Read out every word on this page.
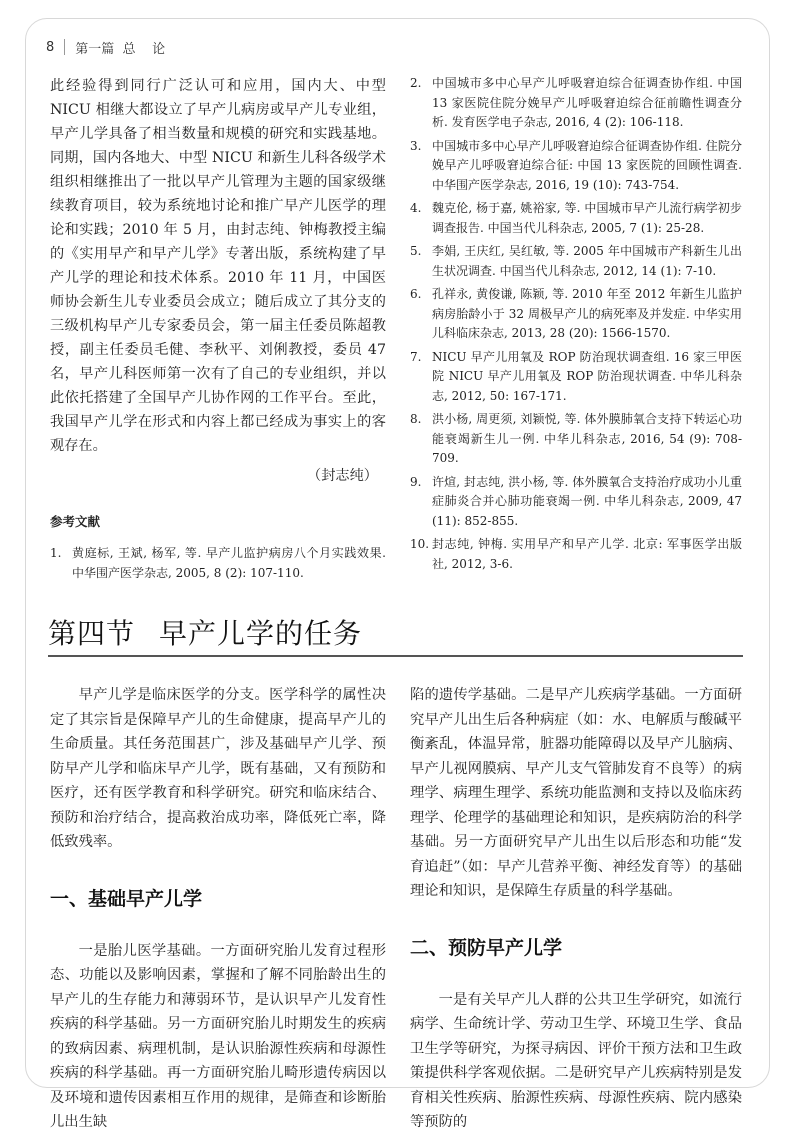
8 第一篇  总    论

此经验得到同行广泛认可和应用，国内大、中型 NICU 相继大都设立了早产儿病房或早产儿专业组，早产儿学具备了相当数量和规模的研究和实践基地。同期，国内各地大、中型 NICU 和新生儿科各级学术组织相继推出了一批以早产儿管理为主题的国家级继续教育项目，较为系统地讨论和推广早产儿医学的理论和实践；2010 年 5 月，由封志纯、钟梅教授主编的《实用早产和早产儿学》专著出版，系统构建了早产儿学的理论和技术体系。2010 年 11 月，中国医师协会新生儿专业委员会成立；随后成立了其分支的三级机构早产儿专家委员会，第一届主任委员陈超教授，副主任委员毛健、李秋平、刘俐教授，委员 47 名，早产儿科医师第一次有了自己的专业组织，并以此依托搭建了全国早产儿协作网的工作平台。至此，我国早产儿学在形式和内容上都已经成为事实上的客观存在。

（封志纯）

参考文献
1. 黄庭标, 王斌, 杨军, 等. 早产儿监护病房八个月实践效果. 中华围产医学杂志, 2005, 8 (2): 107-110.
2. 中国城市多中心早产儿呼吸窘迫综合征调查协作组. 中国 13 家医院住院分娩早产儿呼吸窘迫综合征前瞻性调查分析. 发育医学电子杂志, 2016, 4 (2): 106-118.
3. 中国城市多中心早产儿呼吸窘迫综合征调查协作组. 住院分娩早产儿呼吸窘迫综合征: 中国 13 家医院的回顾性调查. 中华围产医学杂志, 2016, 19 (10): 743-754.
4. 魏克伦, 杨于嘉, 姚裕家, 等. 中国城市早产儿流行病学初步调查报告. 中国当代儿科杂志, 2005, 7 (1): 25-28.
5. 李娟, 王庆红, 吴红敏, 等. 2005 年中国城市产科新生儿出生状况调查. 中国当代儿科杂志, 2012, 14 (1): 7-10.
6. 孔祥永, 黄俊谦, 陈颖, 等. 2010 年至 2012 年新生儿监护病房胎龄小于 32 周极早产儿的病死率及并发症. 中华实用儿科临床杂志, 2013, 28 (20): 1566-1570.
7. NICU 早产儿用氧及 ROP 防治现状调查组. 16 家三甲医院 NICU 早产儿用氧及 ROP 防治现状调查. 中华儿科杂志, 2012, 50: 167-171.
8. 洪小杨, 周更须, 刘颖悦, 等. 体外膜肺氧合支持下转运心功能衰竭新生儿一例. 中华儿科杂志, 2016, 54 (9): 708-709.
9. 许煊, 封志纯, 洪小杨, 等. 体外膜氧合支持治疗成功小儿重症肺炎合并心肺功能衰竭一例. 中华儿科杂志, 2009, 47 (11): 852-855.
10. 封志纯, 钟梅. 实用早产和早产儿学. 北京: 军事医学出版社, 2012, 3-6.
第四节 早产儿学的任务

早产儿学是临床医学的分支。医学科学的属性决定了其宗旨是保障早产儿的生命健康，提高早产儿的生命质量。其任务范围甚广，涉及基础早产儿学、预防早产儿学和临床早产儿学，既有基础，又有预防和医疗，还有医学教育和科学研究。研究和临床结合、预防和治疗结合，提高救治成功率，降低死亡率，降低致残率。

一、基础早产儿学

一是胎儿医学基础。一方面研究胎儿发育过程形态、功能以及影响因素，掌握和了解不同胎龄出生的早产儿的生存能力和薄弱环节，是认识早产儿发育性疾病的科学基础。另一方面研究胎儿时期发生的疾病的致病因素、病理机制，是认识胎源性疾病和母源性疾病的科学基础。再一方面研究胎儿畸形遗传病因以及环境和遗传因素相互作用的规律，是筛查和诊断胎儿出生缺

陷的遗传学基础。二是早产儿疾病学基础。一方面研究早产儿出生后各种病症（如：水、电解质与酸碱平衡紊乱，体温异常，脏器功能障碍以及早产儿脑病、早产儿视网膜病、早产儿支气管肺发育不良等）的病理学、病理生理学、系统功能监测和支持以及临床药理学、伦理学的基础理论和知识，是疾病防治的科学基础。另一方面研究早产儿出生以后形态和功能“发育追赶”（如：早产儿营养平衡、神经发育等）的基础理论和知识，是保障生存质量的科学基础。

二、预防早产儿学

一是有关早产儿人群的公共卫生学研究，如流行病学、生命统计学、劳动卫生学、环境卫生学、食品卫生学等研究，为探寻病因、评价干预方法和卫生政策提供科学客观依据。二是研究早产儿疾病特别是发育相关性疾病、胎源性疾病、母源性疾病、院内感染等预防的
